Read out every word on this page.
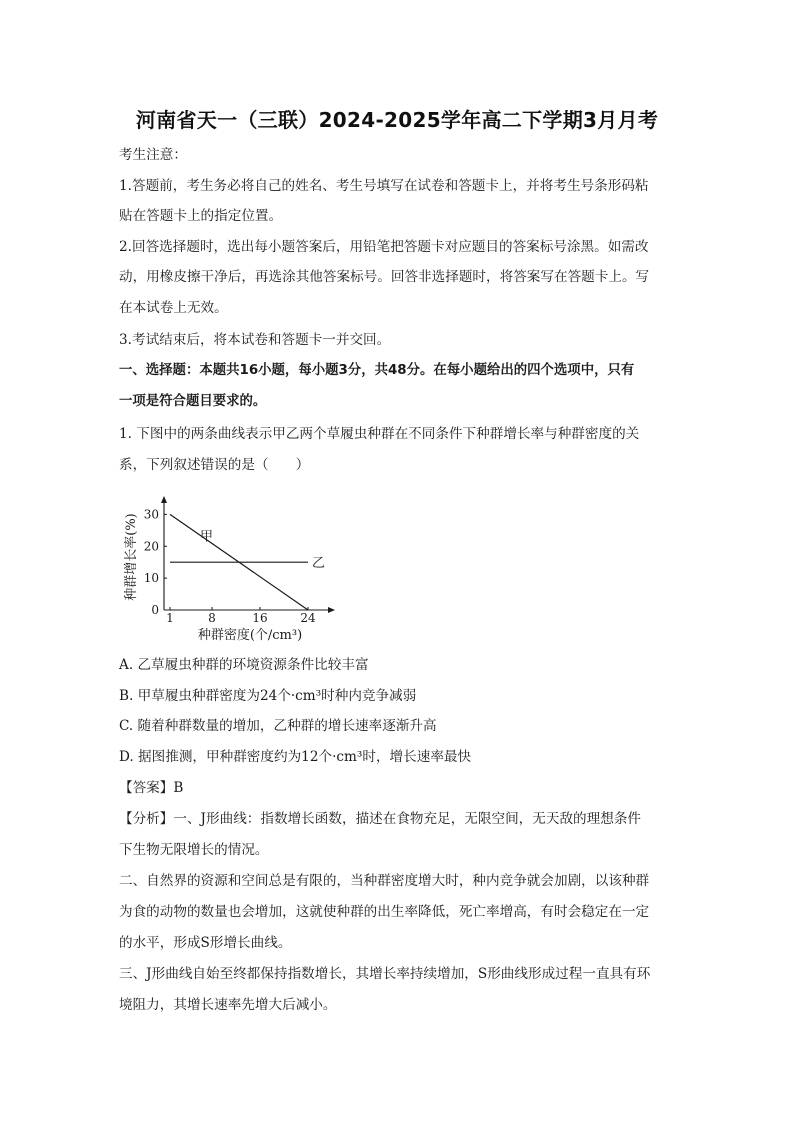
河南省天一（三联）2024-2025学年高二下学期3月月考
考生注意：
1.答题前，考生务必将自己的姓名、考生号填写在试卷和答题卡上，并将考生号条形码粘
贴在答题卡上的指定位置。
2.回答选择题时，选出每小题答案后，用铅笔把答题卡对应题目的答案标号涂黑。如需改
动，用橡皮擦干净后，再选涂其他答案标号。回答非选择题时，将答案写在答题卡上。写
在本试卷上无效。
3.考试结束后，将本试卷和答题卡一并交回。
一、选择题：本题共16小题，每小题3分，共48分。在每小题给出的四个选项中，只有
一项是符合题目要求的。
1. 下图中的两条曲线表示甲乙两个草履虫种群在不同条件下种群增长率与种群密度的关
系，下列叙述错误的是（　　）
1	8	16	24
0
10
20
30
甲
乙
种群密度(个/cm³)
种群增长率(%)
A. 乙草履虫种群的环境资源条件比较丰富
B. 甲草履虫种群密度为24个·cm³时种内竞争减弱
C. 随着种群数量的增加，乙种群的增长速率逐渐升高
D. 据图推测，甲种群密度约为12个·cm³时，增长速率最快
【答案】B
【分析】一、J形曲线：指数增长函数，描述在食物充足，无限空间，无天敌的理想条件
下生物无限增长的情况。
二、自然界的资源和空间总是有限的，当种群密度增大时，种内竞争就会加剧，以该种群
为食的动物的数量也会增加，这就使种群的出生率降低，死亡率增高，有时会稳定在一定
的水平，形成S形增长曲线。
三、J形曲线自始至终都保持指数增长，其增长率持续增加，S形曲线形成过程一直具有环
境阻力，其增长速率先增大后减小。
